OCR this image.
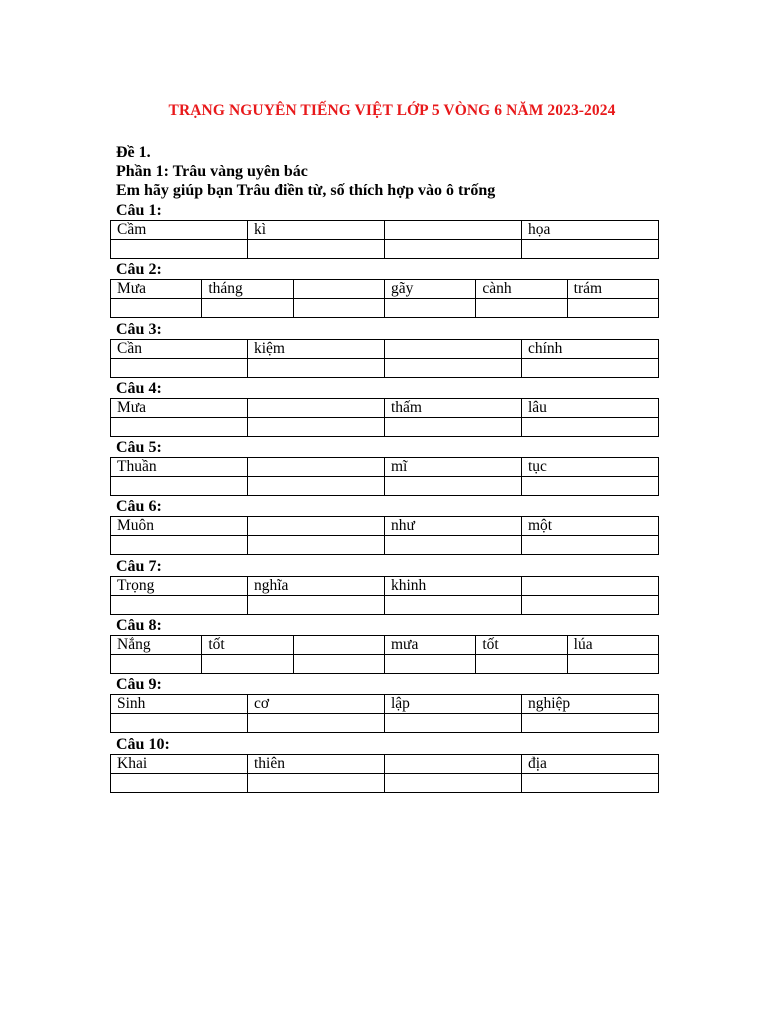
TRẠNG NGUYÊN TIẾNG VIỆT LỚP 5 VÒNG 6 NĂM 2023-2024
Đề 1.
Phần 1: Trâu vàng uyên bác
Em hãy giúp bạn Trâu điền từ, số thích hợp vào ô trống
Câu 1:
Cầm	kì		họa

Câu 2:
Mưa	tháng		gãy	cành	trám

Câu 3:
Cần	kiệm		chính

Câu 4:
Mưa		thấm	lâu

Câu 5:
Thuần		mĩ	tục

Câu 6:
Muôn		như	một

Câu 7:
Trọng	nghĩa	khinh	

Câu 8:
Nắng	tốt		mưa	tốt	lúa

Câu 9:
Sinh	cơ	lập	nghiệp

Câu 10:
Khai	thiên		địa
